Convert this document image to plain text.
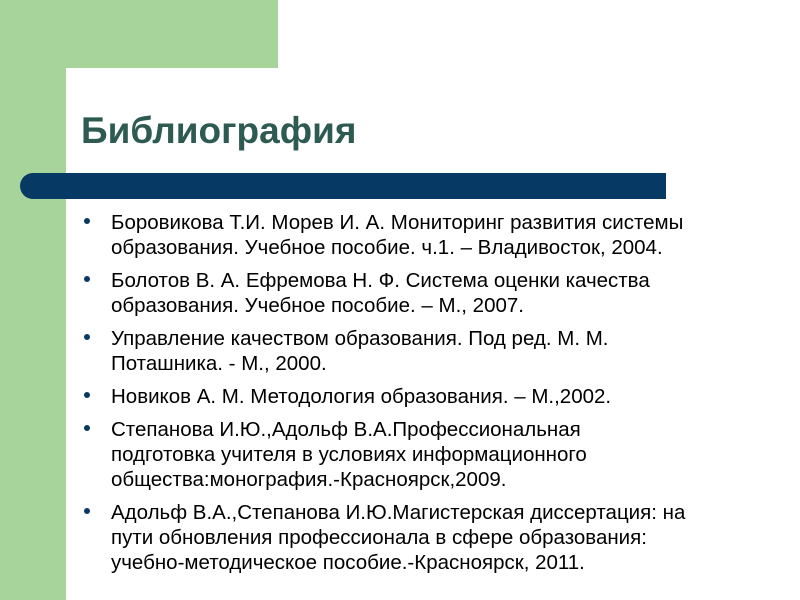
Библиография
Боровикова Т.И. Морев И. А. Мониторинг развития системы
образования. Учебное пособие. ч.1. – Владивосток, 2004.
Болотов В. А. Ефремова Н. Ф. Система оценки качества
образования. Учебное пособие. – М., 2007.
Управление качеством образования. Под ред. М. М.
Поташника. - М., 2000.
Новиков А. М. Методология образования. – М.,2002.
Степанова И.Ю.,Адольф В.А.Профессиональная
подготовка учителя в условиях информационного
общества:монография.-Красноярск,2009.
Адольф В.А.,Степанова И.Ю.Магистерская диссертация: на
пути обновления профессионала в сфере образования:
учебно-методическое пособие.-Красноярск, 2011.
